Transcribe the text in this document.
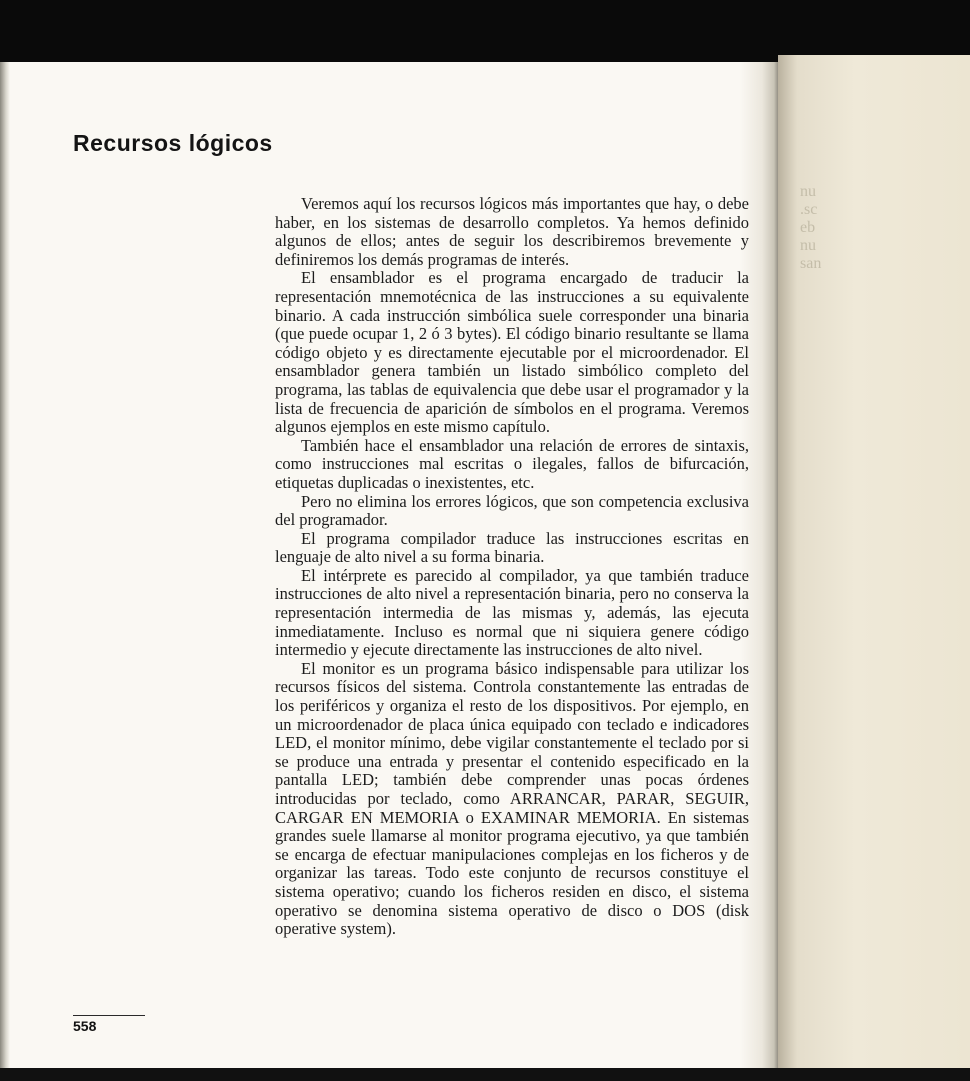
nu
.sc
eb
nu
san
Recursos lógicos

Veremos aquí los recursos lógicos más importantes que hay, o debe haber, en los sistemas de desarrollo completos. Ya hemos definido algunos de ellos; antes de seguir los describiremos brevemente y definiremos los demás programas de interés.

El ensamblador es el programa encargado de traducir la representación mnemotécnica de las instrucciones a su equivalente binario. A cada instrucción simbólica suele corresponder una binaria (que puede ocupar 1, 2 ó 3 bytes). El código binario resultante se llama código objeto y es directamente ejecutable por el microordenador. El ensamblador genera también un listado simbólico completo del programa, las tablas de equivalencia que debe usar el programador y la lista de frecuencia de aparición de símbolos en el programa. Veremos algunos ejemplos en este mismo capítulo.

También hace el ensamblador una relación de errores de sintaxis, como instrucciones mal escritas o ilegales, fallos de bifurcación, etiquetas duplicadas o inexistentes, etc.

Pero no elimina los errores lógicos, que son competencia exclusiva del programador.

El programa compilador traduce las instrucciones escritas en lenguaje de alto nivel a su forma binaria.

El intérprete es parecido al compilador, ya que también traduce instrucciones de alto nivel a representación binaria, pero no conserva la representación intermedia de las mismas y, además, las ejecuta inmediatamente. Incluso es normal que ni siquiera genere código intermedio y ejecute directamente las instrucciones de alto nivel.

El monitor es un programa básico indispensable para utilizar los recursos físicos del sistema. Controla constantemente las entradas de los periféricos y organiza el resto de los dispositivos. Por ejemplo, en un microordenador de placa única equipado con teclado e indicadores LED, el monitor mínimo, debe vigilar constantemente el teclado por si se produce una entrada y presentar el contenido especificado en la pantalla LED; también debe comprender unas pocas órdenes introducidas por teclado, como ARRANCAR, PARAR, SEGUIR, CARGAR EN MEMORIA o EXAMINAR MEMORIA. En sistemas grandes suele llamarse al monitor programa ejecutivo, ya que también se encarga de efectuar manipulaciones complejas en los ficheros y de organizar las tareas. Todo este conjunto de recursos constituye el sistema operativo; cuando los ficheros residen en disco, el sistema operativo se denomina sistema operativo de disco o DOS (disk operative system).

558
